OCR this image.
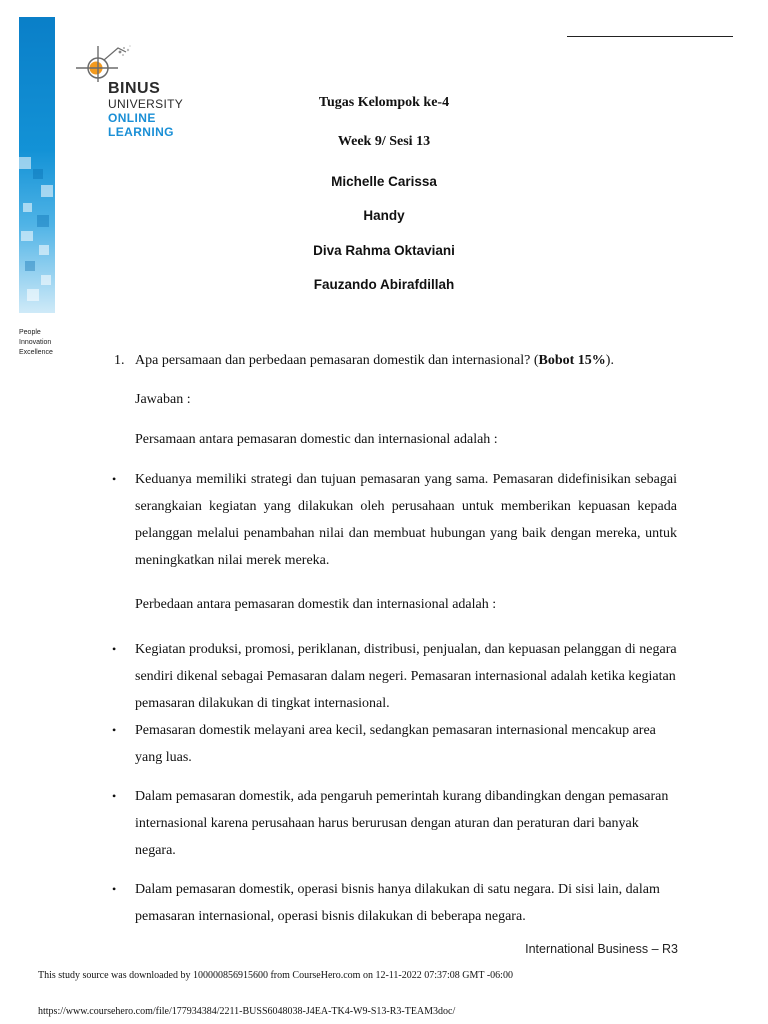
People
Innovation
Excellence
BINUS
UNIVERSITY
ONLINE
LEARNING
Tugas Kelompok ke-4
Week 9/ Sesi 13
Michelle Carissa
Handy
Diva Rahma Oktaviani
Fauzando Abirafdillah
1. Apa persamaan dan perbedaan pemasaran domestik dan internasional? (Bobot 15%).
Jawaban :
Persamaan antara pemasaran domestic dan internasional adalah :
• Keduanya memiliki strategi dan tujuan pemasaran yang sama. Pemasaran didefinisikan sebagai serangkaian kegiatan yang dilakukan oleh perusahaan untuk memberikan kepuasan kepada pelanggan melalui penambahan nilai dan membuat hubungan yang baik dengan mereka, untuk meningkatkan nilai merek mereka.
Perbedaan antara pemasaran domestik dan internasional adalah :
• Kegiatan produksi, promosi, periklanan, distribusi, penjualan, dan kepuasan pelanggan di negara sendiri dikenal sebagai Pemasaran dalam negeri. Pemasaran internasional adalah ketika kegiatan pemasaran dilakukan di tingkat internasional.
• Pemasaran domestik melayani area kecil, sedangkan pemasaran internasional mencakup area yang luas.
• Dalam pemasaran domestik, ada pengaruh pemerintah kurang dibandingkan dengan pemasaran internasional karena perusahaan harus berurusan dengan aturan dan peraturan dari banyak negara.
• Dalam pemasaran domestik, operasi bisnis hanya dilakukan di satu negara. Di sisi lain, dalam pemasaran internasional, operasi bisnis dilakukan di beberapa negara.
International Business – R3
This study source was downloaded by 100000856915600 from CourseHero.com on 12-11-2022 07:37:08 GMT -06:00
https://www.coursehero.com/file/177934384/2211-BUSS6048038-J4EA-TK4-W9-S13-R3-TEAM3doc/
